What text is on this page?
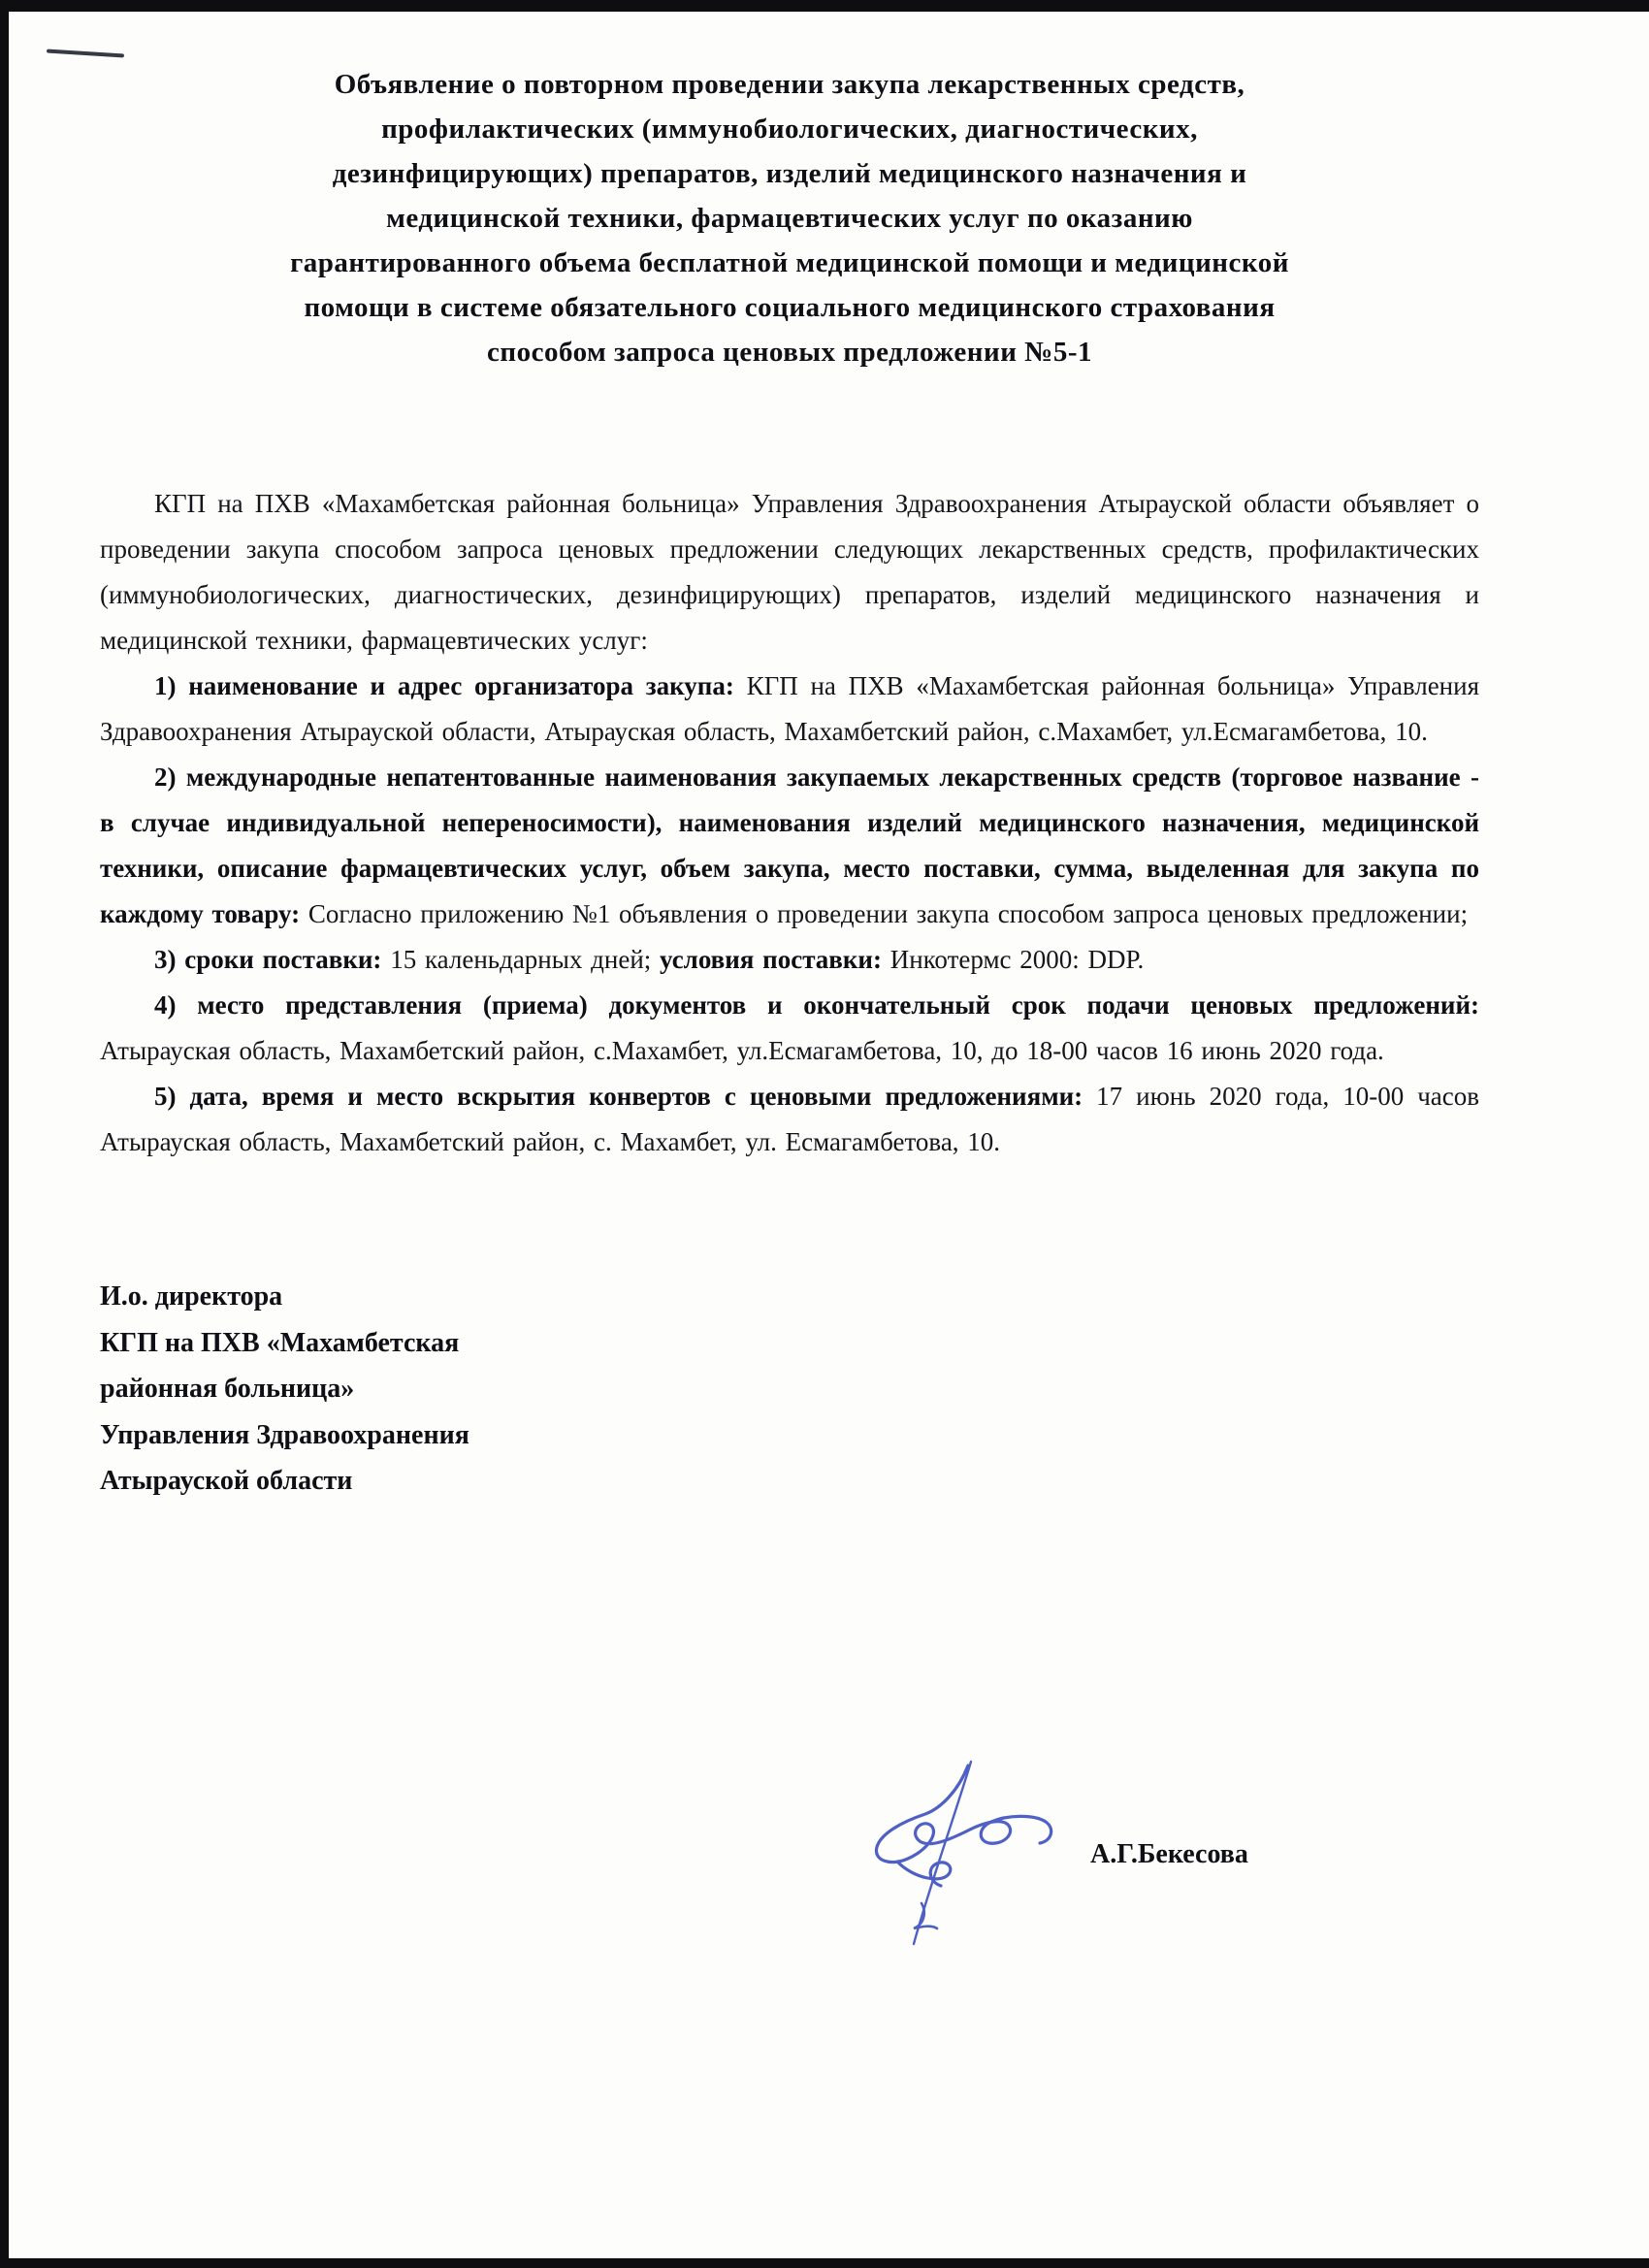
Объявление о повторном проведении закупа лекарственных средств,
профилактических (иммунобиологических, диагностических,
дезинфицирующих) препаратов, изделий медицинского назначения и
медицинской техники, фармацевтических услуг по оказанию
гарантированного объема бесплатной медицинской помощи и медицинской
помощи в системе обязательного социального медицинского страхования
способом запроса ценовых предложении №5-1

КГП на ПХВ «Махамбетская районная больница» Управления Здравоохранения Атырауской области объявляет о проведении закупа способом запроса ценовых предложении следующих лекарственных средств, профилактических (иммунобиологических, диагностических, дезинфицирующих) препаратов, изделий медицинского назначения и медицинской техники, фармацевтических услуг:

1) наименование и адрес организатора закупа: КГП на ПХВ «Махамбетская районная больница» Управления Здравоохранения Атырауской области, Атырауская область, Махамбетский район, с.Махамбет, ул.Есмагамбетова, 10.

2) международные непатентованные наименования закупаемых лекарственных средств (торговое название - в случае индивидуальной непереносимости), наименования изделий медицинского назначения, медицинской техники, описание фармацевтических услуг, объем закупа, место поставки, сумма, выделенная для закупа по каждому товару: Согласно приложению №1 объявления о проведении закупа способом запроса ценовых предложении;

3) сроки поставки: 15 каленьдарных дней; условия поставки: Инкотермс 2000: DDP.

4) место представления (приема) документов и окончательный срок подачи ценовых предложений: Атырауская область, Махамбетский район, с.Махамбет, ул.Есмагамбетова, 10, до 18-00 часов 16 июнь 2020 года.

5) дата, время и место вскрытия конвертов с ценовыми предложениями: 17 июнь 2020 года, 10-00 часов Атырауская область, Махамбетский район, с. Махамбет, ул. Есмагамбетова, 10.

И.о. директора
КГП на ПХВ «Махамбетская
районная больница»
Управления Здравоохранения
Атырауской области
А.Г.Бекесова
